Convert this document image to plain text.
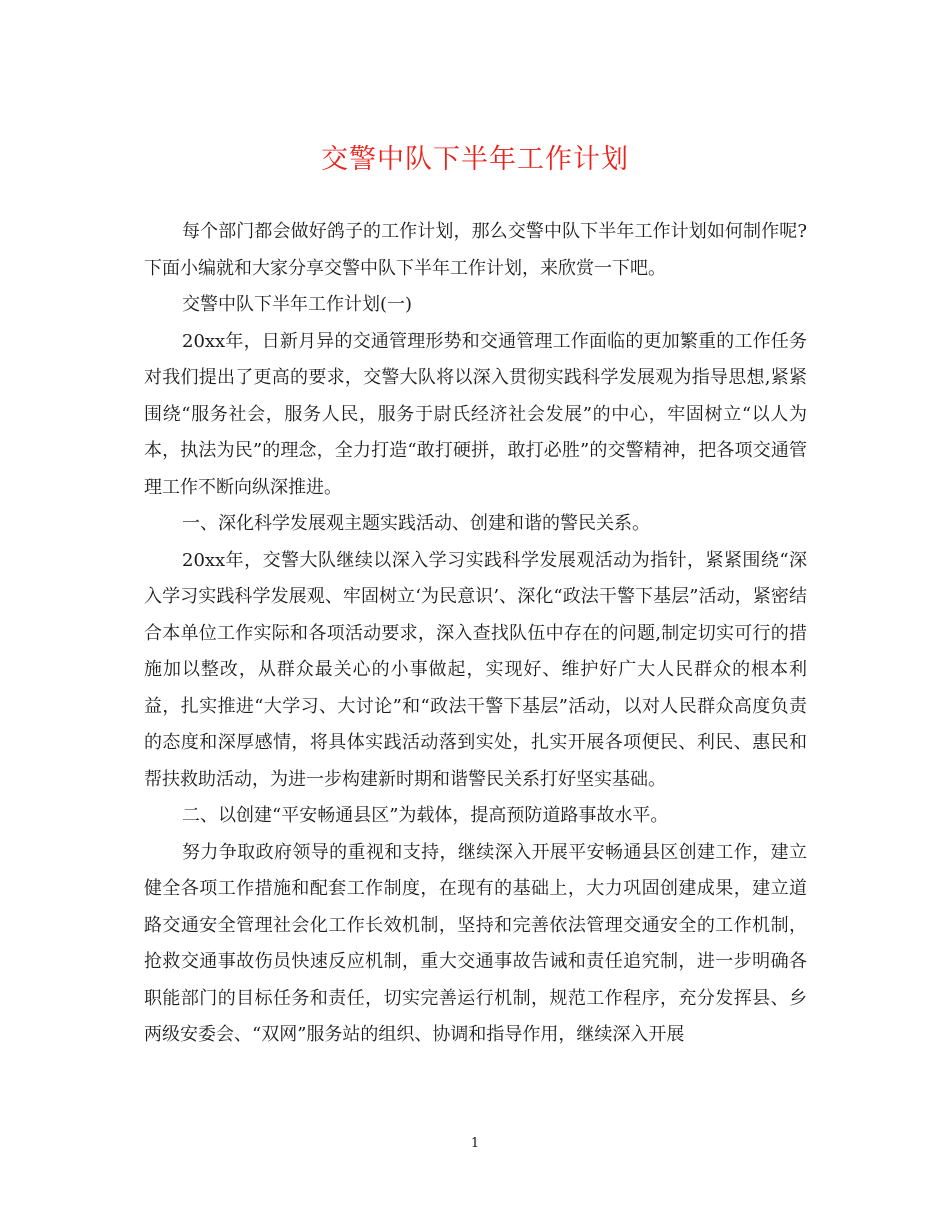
交警中队下半年工作计划

每个部门都会做好鸽子的工作计划，那么交警中队下半年工作计划如何制作呢?下面小编就和大家分享交警中队下半年工作计划，来欣赏一下吧。

交警中队下半年工作计划(一)

20xx年，日新月异的交通管理形势和交通管理工作面临的更加繁重的工作任务对我们提出了更高的要求，交警大队将以深入贯彻实践科学发展观为指导思想,紧紧围绕“服务社会，服务人民，服务于尉氏经济社会发展”的中心，牢固树立“以人为本，执法为民”的理念，全力打造“敢打硬拼，敢打必胜”的交警精神，把各项交通管理工作不断向纵深推进。

一、深化科学发展观主题实践活动、创建和谐的警民关系。

20xx年，交警大队继续以深入学习实践科学发展观活动为指针，紧紧围绕“深入学习实践科学发展观、牢固树立‘为民意识’、深化“政法干警下基层”活动，紧密结合本单位工作实际和各项活动要求，深入查找队伍中存在的问题,制定切实可行的措施加以整改，从群众最关心的小事做起，实现好、维护好广大人民群众的根本利益，扎实推进“大学习、大讨论”和“政法干警下基层”活动，以对人民群众高度负责的态度和深厚感情，将具体实践活动落到实处，扎实开展各项便民、利民、惠民和帮扶救助活动，为进一步构建新时期和谐警民关系打好坚实基础。

二、以创建“平安畅通县区”为载体，提高预防道路事故水平。

努力争取政府领导的重视和支持，继续深入开展平安畅通县区创建工作，建立健全各项工作措施和配套工作制度，在现有的基础上，大力巩固创建成果，建立道路交通安全管理社会化工作长效机制，坚持和完善依法管理交通安全的工作机制，抢救交通事故伤员快速反应机制，重大交通事故告诫和责任追究制，进一步明确各职能部门的目标任务和责任，切实完善运行机制，规范工作程序，充分发挥县、乡两级安委会、“双网”服务站的组织、协调和指导作用，继续深入开展

1
